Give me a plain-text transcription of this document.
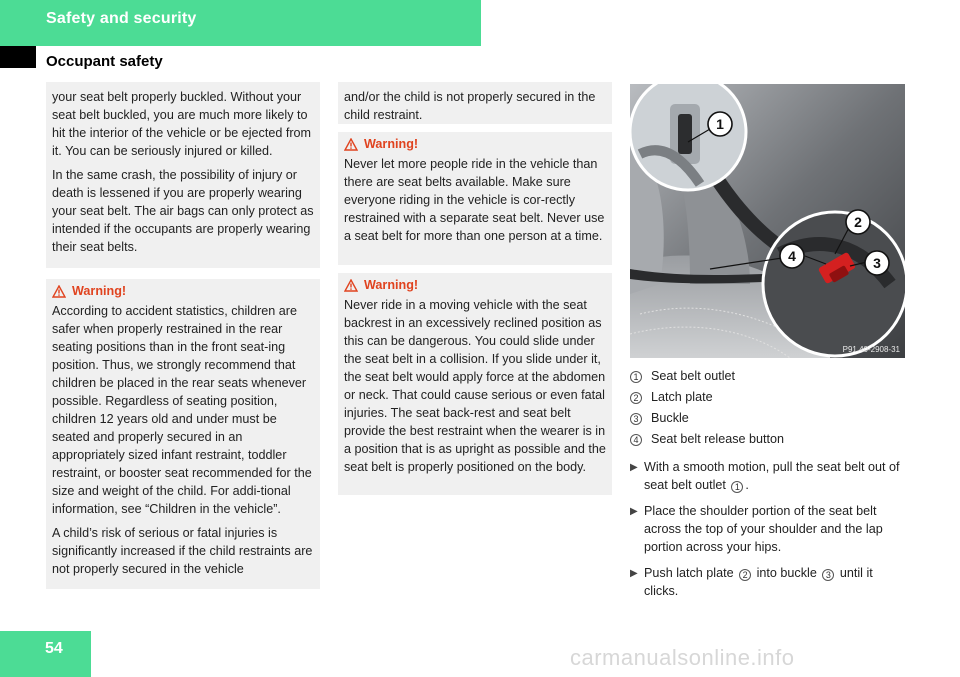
Safety and security
Occupant safety

your seat belt properly buckled. Without your seat belt buckled, you are much more likely to hit the interior of the vehicle or be ejected from it. You can be seriously injured or killed.

In the same crash, the possibility of injury or death is lessened if you are properly wearing your seat belt. The air bags can only protect as intended if the occupants are properly wearing their seat belts.

Warning!

According to accident statistics, children are safer when properly restrained in the rear seating positions than in the front seat-ing position. Thus, we strongly recommend that children be placed in the rear seats whenever possible. Regardless of seating position, children 12 years old and under must be seated and properly secured in an appropriately sized infant restraint, toddler restraint, or booster seat recommended for the size and weight of the child. For addi-tional information, see “Children in the vehicle”.

A child’s risk of serious or fatal injuries is significantly increased if the child restraints are not properly secured in the vehicle

and/or the child is not properly secured in the child restraint.

Warning!

Never let more people ride in the vehicle than there are seat belts available. Make sure everyone riding in the vehicle is cor-rectly restrained with a separate seat belt. Never use a seat belt for more than one person at a time.

Warning!

Never ride in a moving vehicle with the seat backrest in an excessively reclined position as this can be dangerous. You could slide under the seat belt in a collision. If you slide under it, the seat belt would apply force at the abdomen or neck. That could cause serious or even fatal injuries. The seat back-rest and seat belt provide the best restraint when the wearer is in a position that is as upright as possible and the seat belt is properly positioned on the body.

1
2
3
4
P91.40-2908-31
1 Seat belt outlet
2 Latch plate
3 Buckle
4 Seat belt release button
▶ With a smooth motion, pull the seat belt out of seat belt outlet 1 .
▶ Place the shoulder portion of the seat belt across the top of your shoulder and the lap portion across your hips.
▶ Push latch plate 2 into buckle 3 until it clicks.
54	carmanualsonline.info
